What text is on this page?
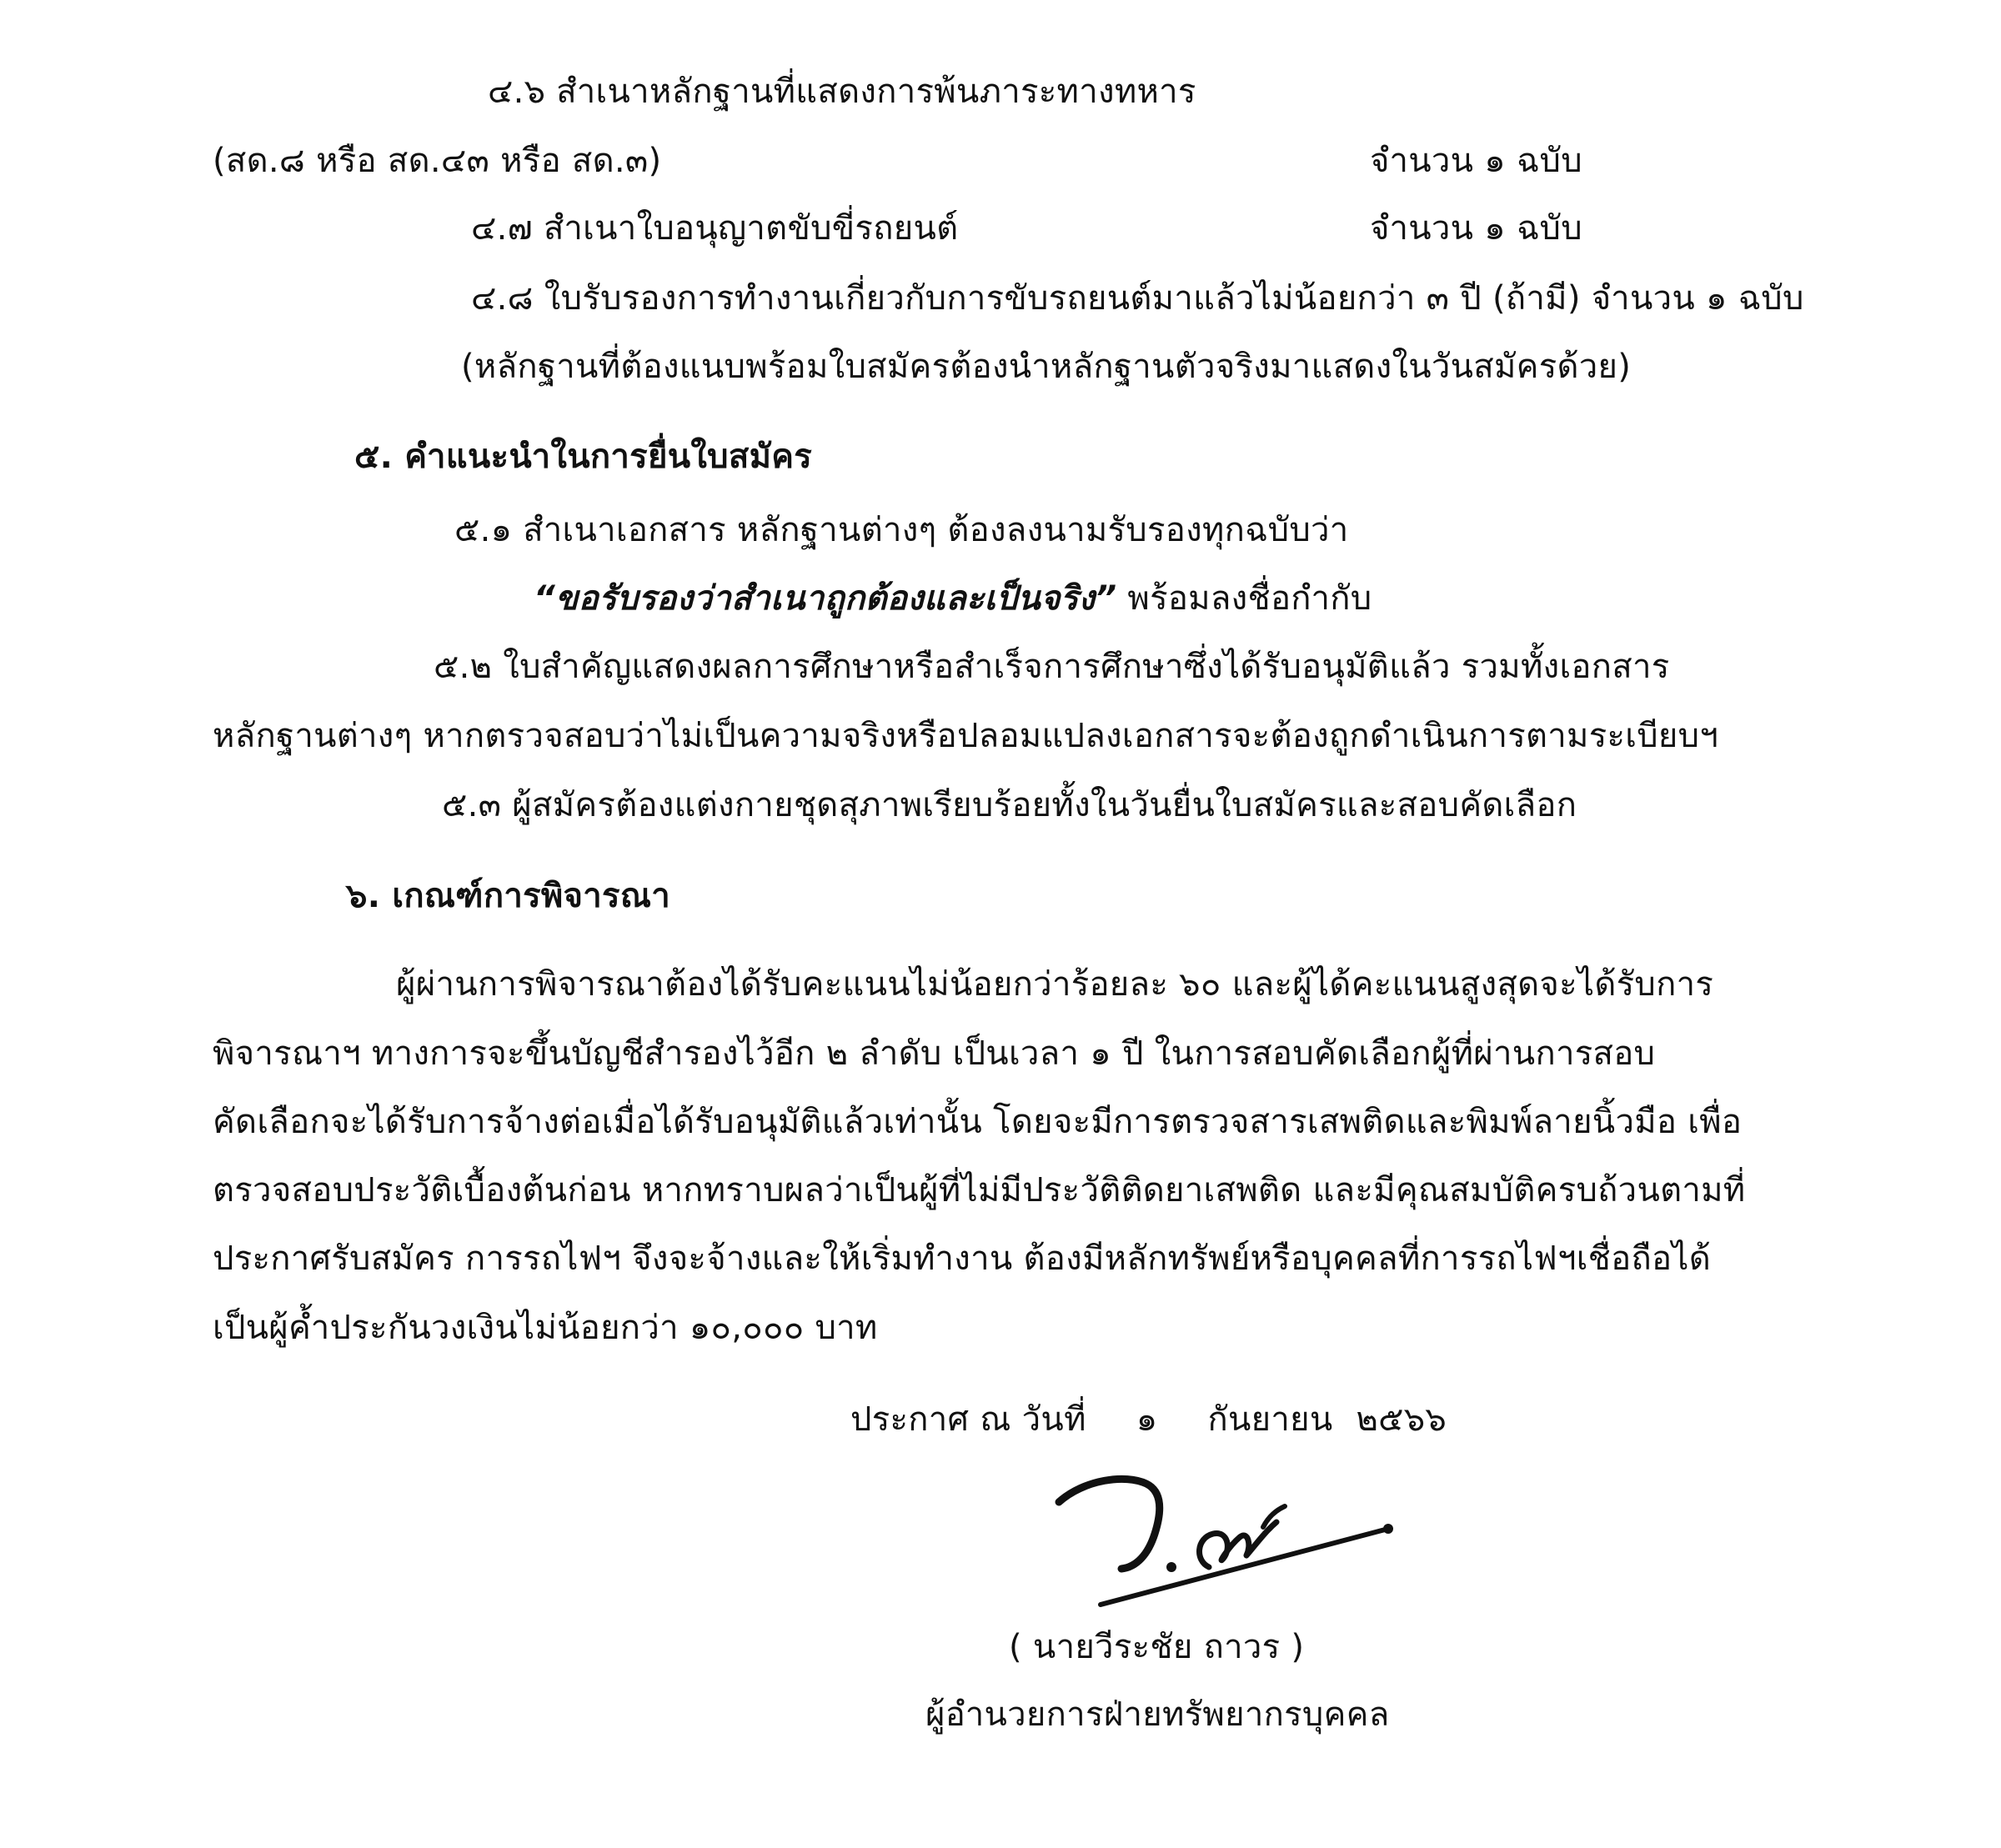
๔.๖ สำเนาหลักฐานที่แสดงการพ้นภาระทางทหาร
(สด.๘ หรือ สด.๔๓ หรือ สด.๓)	จำนวน ๑ ฉบับ
๔.๗ สำเนาใบอนุญาตขับขี่รถยนต์	จำนวน ๑ ฉบับ
๔.๘ ใบรับรองการทำงานเกี่ยวกับการขับรถยนต์มาแล้วไม่น้อยกว่า ๓ ปี (ถ้ามี) จำนวน ๑ ฉบับ
(หลักฐานที่ต้องแนบพร้อมใบสมัครต้องนำหลักฐานตัวจริงมาแสดงในวันสมัครด้วย)
๕. คำแนะนำในการยื่นใบสมัคร
๕.๑ สำเนาเอกสาร หลักฐานต่างๆ ต้องลงนามรับรองทุกฉบับว่า
“ขอรับรองว่าสำเนาถูกต้องและเป็นจริง” พร้อมลงชื่อกำกับ
๕.๒ ใบสำคัญแสดงผลการศึกษาหรือสำเร็จการศึกษาซึ่งได้รับอนุมัติแล้ว รวมทั้งเอกสาร
หลักฐานต่างๆ หากตรวจสอบว่าไม่เป็นความจริงหรือปลอมแปลงเอกสารจะต้องถูกดำเนินการตามระเบียบฯ
๕.๓ ผู้สมัครต้องแต่งกายชุดสุภาพเรียบร้อยทั้งในวันยื่นใบสมัครและสอบคัดเลือก
๖. เกณฑ์การพิจารณา
ผู้ผ่านการพิจารณาต้องได้รับคะแนนไม่น้อยกว่าร้อยละ ๖๐ และผู้ได้คะแนนสูงสุดจะได้รับการ
พิจารณาฯ ทางการจะขึ้นบัญชีสำรองไว้อีก ๒ ลำดับ เป็นเวลา ๑ ปี ในการสอบคัดเลือกผู้ที่ผ่านการสอบ
คัดเลือกจะได้รับการจ้างต่อเมื่อได้รับอนุมัติแล้วเท่านั้น โดยจะมีการตรวจสารเสพติดและพิมพ์ลายนิ้วมือ เพื่อ
ตรวจสอบประวัติเบื้องต้นก่อน หากทราบผลว่าเป็นผู้ที่ไม่มีประวัติติดยาเสพติด และมีคุณสมบัติครบถ้วนตามที่
ประกาศรับสมัคร การรถไฟฯ จึงจะจ้างและให้เริ่มทำงาน ต้องมีหลักทรัพย์หรือบุคคลที่การรถไฟฯเชื่อถือได้
เป็นผู้ค้ำประกันวงเงินไม่น้อยกว่า ๑๐,๐๐๐ บาท
ประกาศ ณ วันที่ ๑ กันยายน ๒๕๖๖
( นายวีระชัย ถาวร )
ผู้อำนวยการฝ่ายทรัพยากรบุคคล
